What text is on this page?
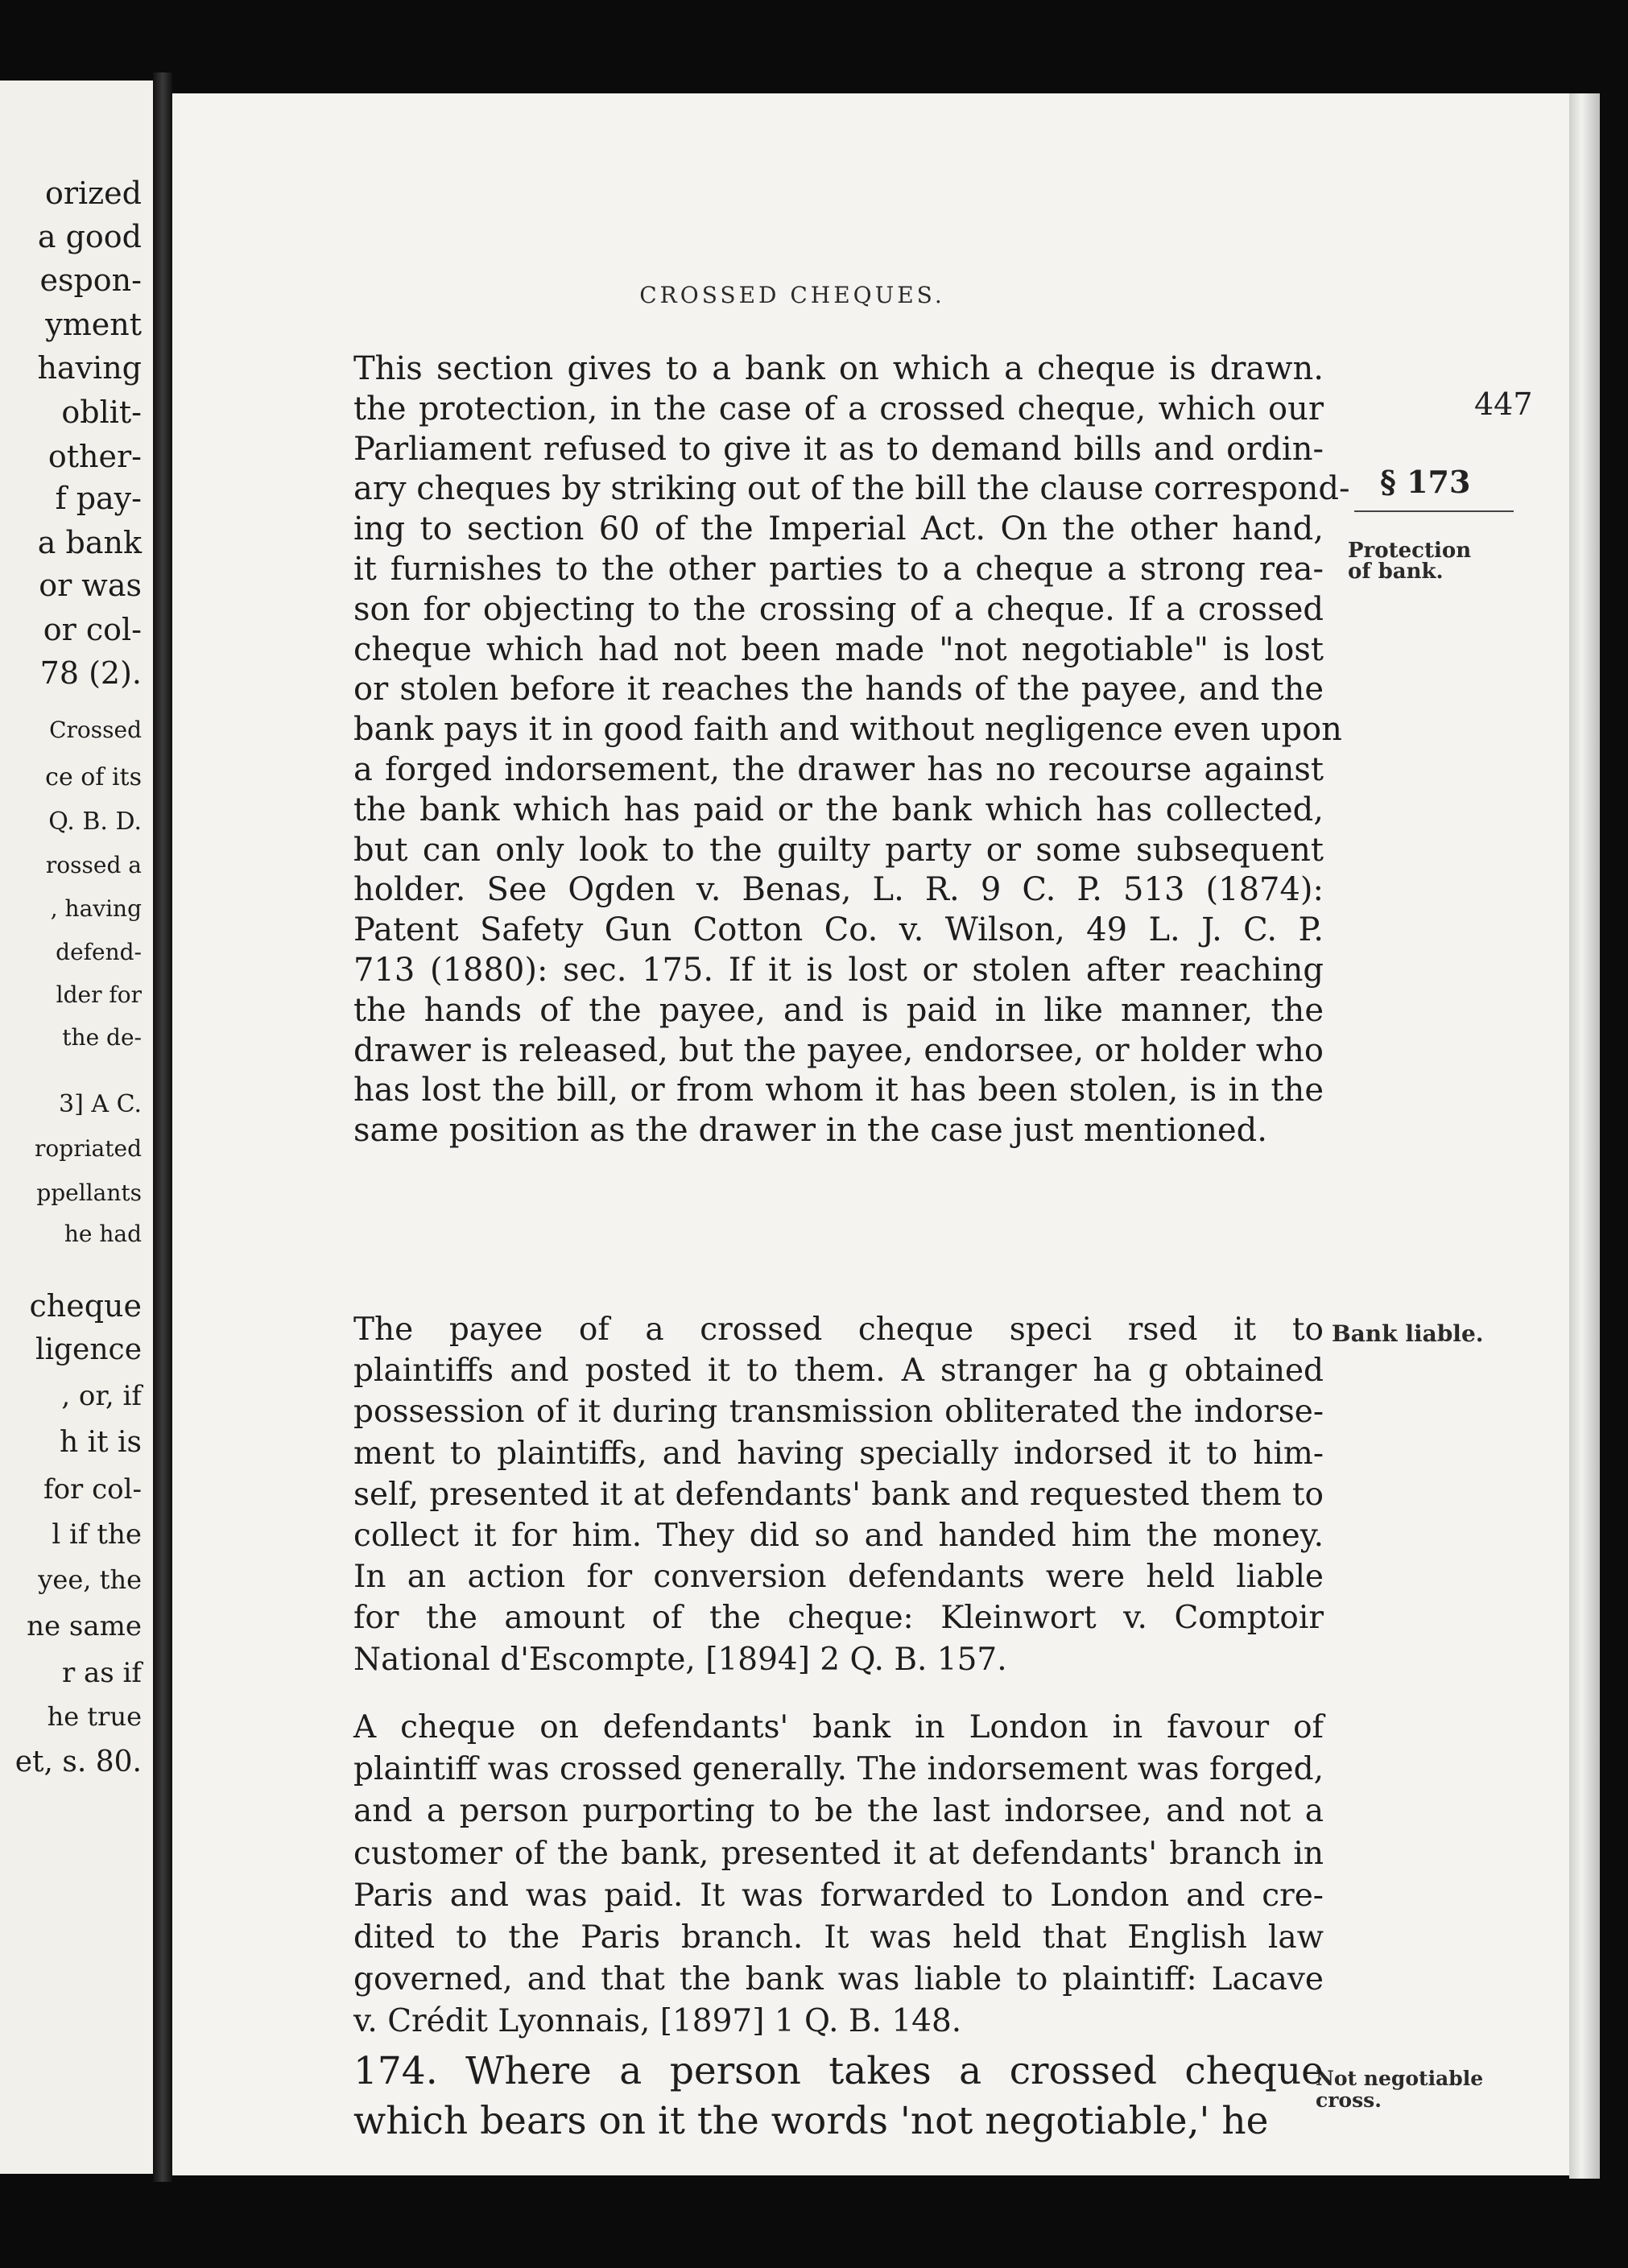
orized
a good
espon-
yment
having
oblit-
other-
f pay-
a bank
or was
or col-
78 (2).
Crossed
ce of its
Q. B. D.
rossed a
, having
defend-
lder for
the de-
3] A C.
ropriated
ppellants
he had
cheque
ligence
, or, if
h it is
for col-
l if the
yee, the
ne same
r as if
he true
et, s. 80.
CROSSED CHEQUES.
447
§ 173
Protection of bank.
Bank liable.
Not negotiable cross.
This section gives to a bank on which a cheque is drawn.
the protection, in the case of a crossed cheque, which our
Parliament refused to give it as to demand bills and ordin-
ary cheques by striking out of the bill the clause correspond-
ing to section 60 of the Imperial Act. On the other hand,
it furnishes to the other parties to a cheque a strong rea-
son for objecting to the crossing of a cheque. If a crossed
cheque which had not been made "not negotiable" is lost
or stolen before it reaches the hands of the payee, and the
bank pays it in good faith and without negligence even upon
a forged indorsement, the drawer has no recourse against
the bank which has paid or the bank which has collected,
but can only look to the guilty party or some subsequent
holder. See Ogden v. Benas, L. R. 9 C. P. 513 (1874):
Patent Safety Gun Cotton Co. v. Wilson, 49 L. J. C. P.
713 (1880): sec. 175. If it is lost or stolen after reaching
the hands of the payee, and is paid in like manner, the
drawer is released, but the payee, endorsee, or holder who
has lost the bill, or from whom it has been stolen, is in the
same position as the drawer in the case just mentioned.
The payee of a crossed cheque speci rsed it to
plaintiffs and posted it to them. A stranger ha g obtained
possession of it during transmission obliterated the indorse-
ment to plaintiffs, and having specially indorsed it to him-
self, presented it at defendants' bank and requested them to
collect it for him. They did so and handed him the money.
In an action for conversion defendants were held liable
for the amount of the cheque: Kleinwort v. Comptoir
National d'Escompte, [1894] 2 Q. B. 157.
A cheque on defendants' bank in London in favour of
plaintiff was crossed generally. The indorsement was forged,
and a person purporting to be the last indorsee, and not a
customer of the bank, presented it at defendants' branch in
Paris and was paid. It was forwarded to London and cre-
dited to the Paris branch. It was held that English law
governed, and that the bank was liable to plaintiff: Lacave
v. Crédit Lyonnais, [1897] 1 Q. B. 148.
174. Where a person takes a crossed cheque
which bears on it the words 'not negotiable,' he
